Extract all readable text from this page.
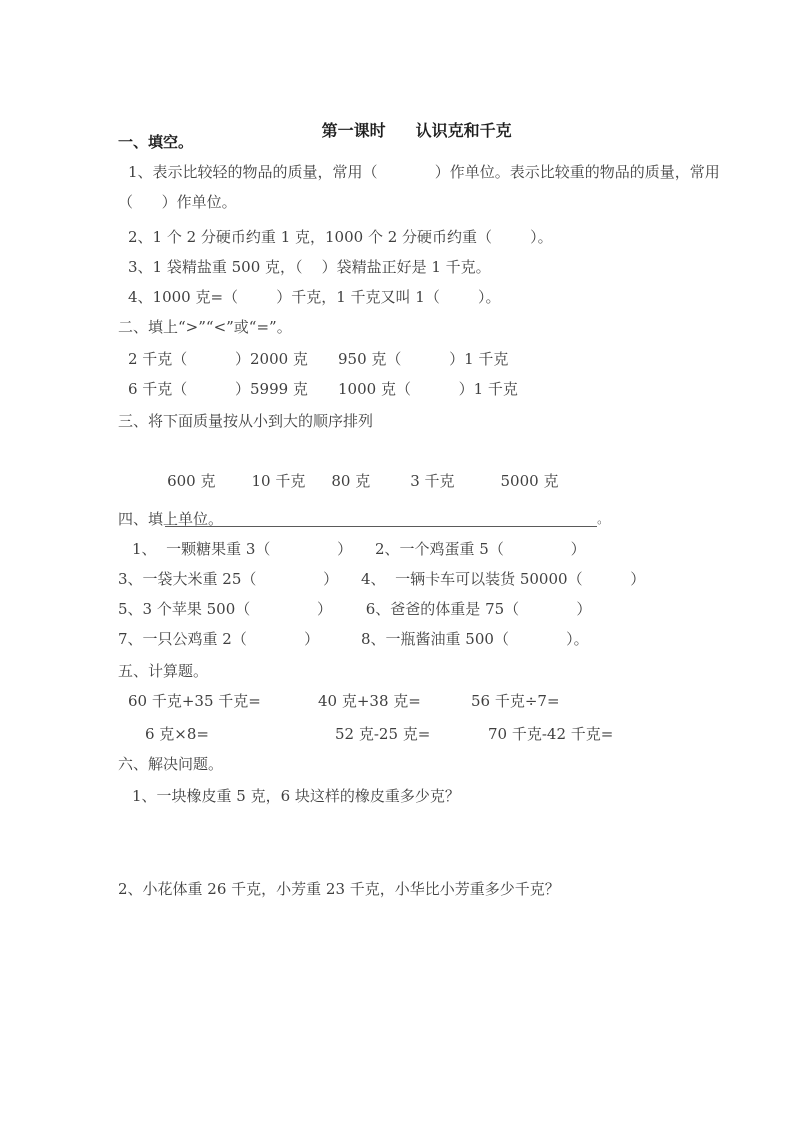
第一课时 认识克和千克

一、填空。
1、表示比较轻的物品的质量，常用（            ）作单位。表示比较重的物品的质量，常用
（      ）作单位。
2、1 个 2 分硬币约重 1 克，1000 个 2 分硬币约重（        ）。
3、1 袋精盐重 500 克，（    ）袋精盐正好是 1 千克。
4、1000 克=（        ）千克，1 千克又叫 1（        ）。
二、填上“>”“<”或“=”。
2 千克（          ）2000 克	950 克（          ）1 千克
6 千克（          ）5999 克	1000 克（          ）1 千克
三、将下面质量按从小到大的顺序排列

600 克 10 千克 80 克	3 千克	5000 克

。

四、填上单位。
1、  一颗糖果重 3（              ）	2、一个鸡蛋重 5（              ）
3、一袋大米重 25（              ）	4、  一辆卡车可以装货 50000（          ）
5、3 个苹果 500（              ）	6、爸爸的体重是 75（            ）
7、一只公鸡重 2（            ）	8、一瓶酱油重 500（            ）。
五、计算题。
60 千克+35 千克=	40 克+38 克=	56 千克÷7=
6 克×8=	52 克-25 克=	70 千克-42 千克=
六、解决问题。
1、一块橡皮重 5 克，6 块这样的橡皮重多少克？
2、小花体重 26 千克，小芳重 23 千克，小华比小芳重多少千克？
